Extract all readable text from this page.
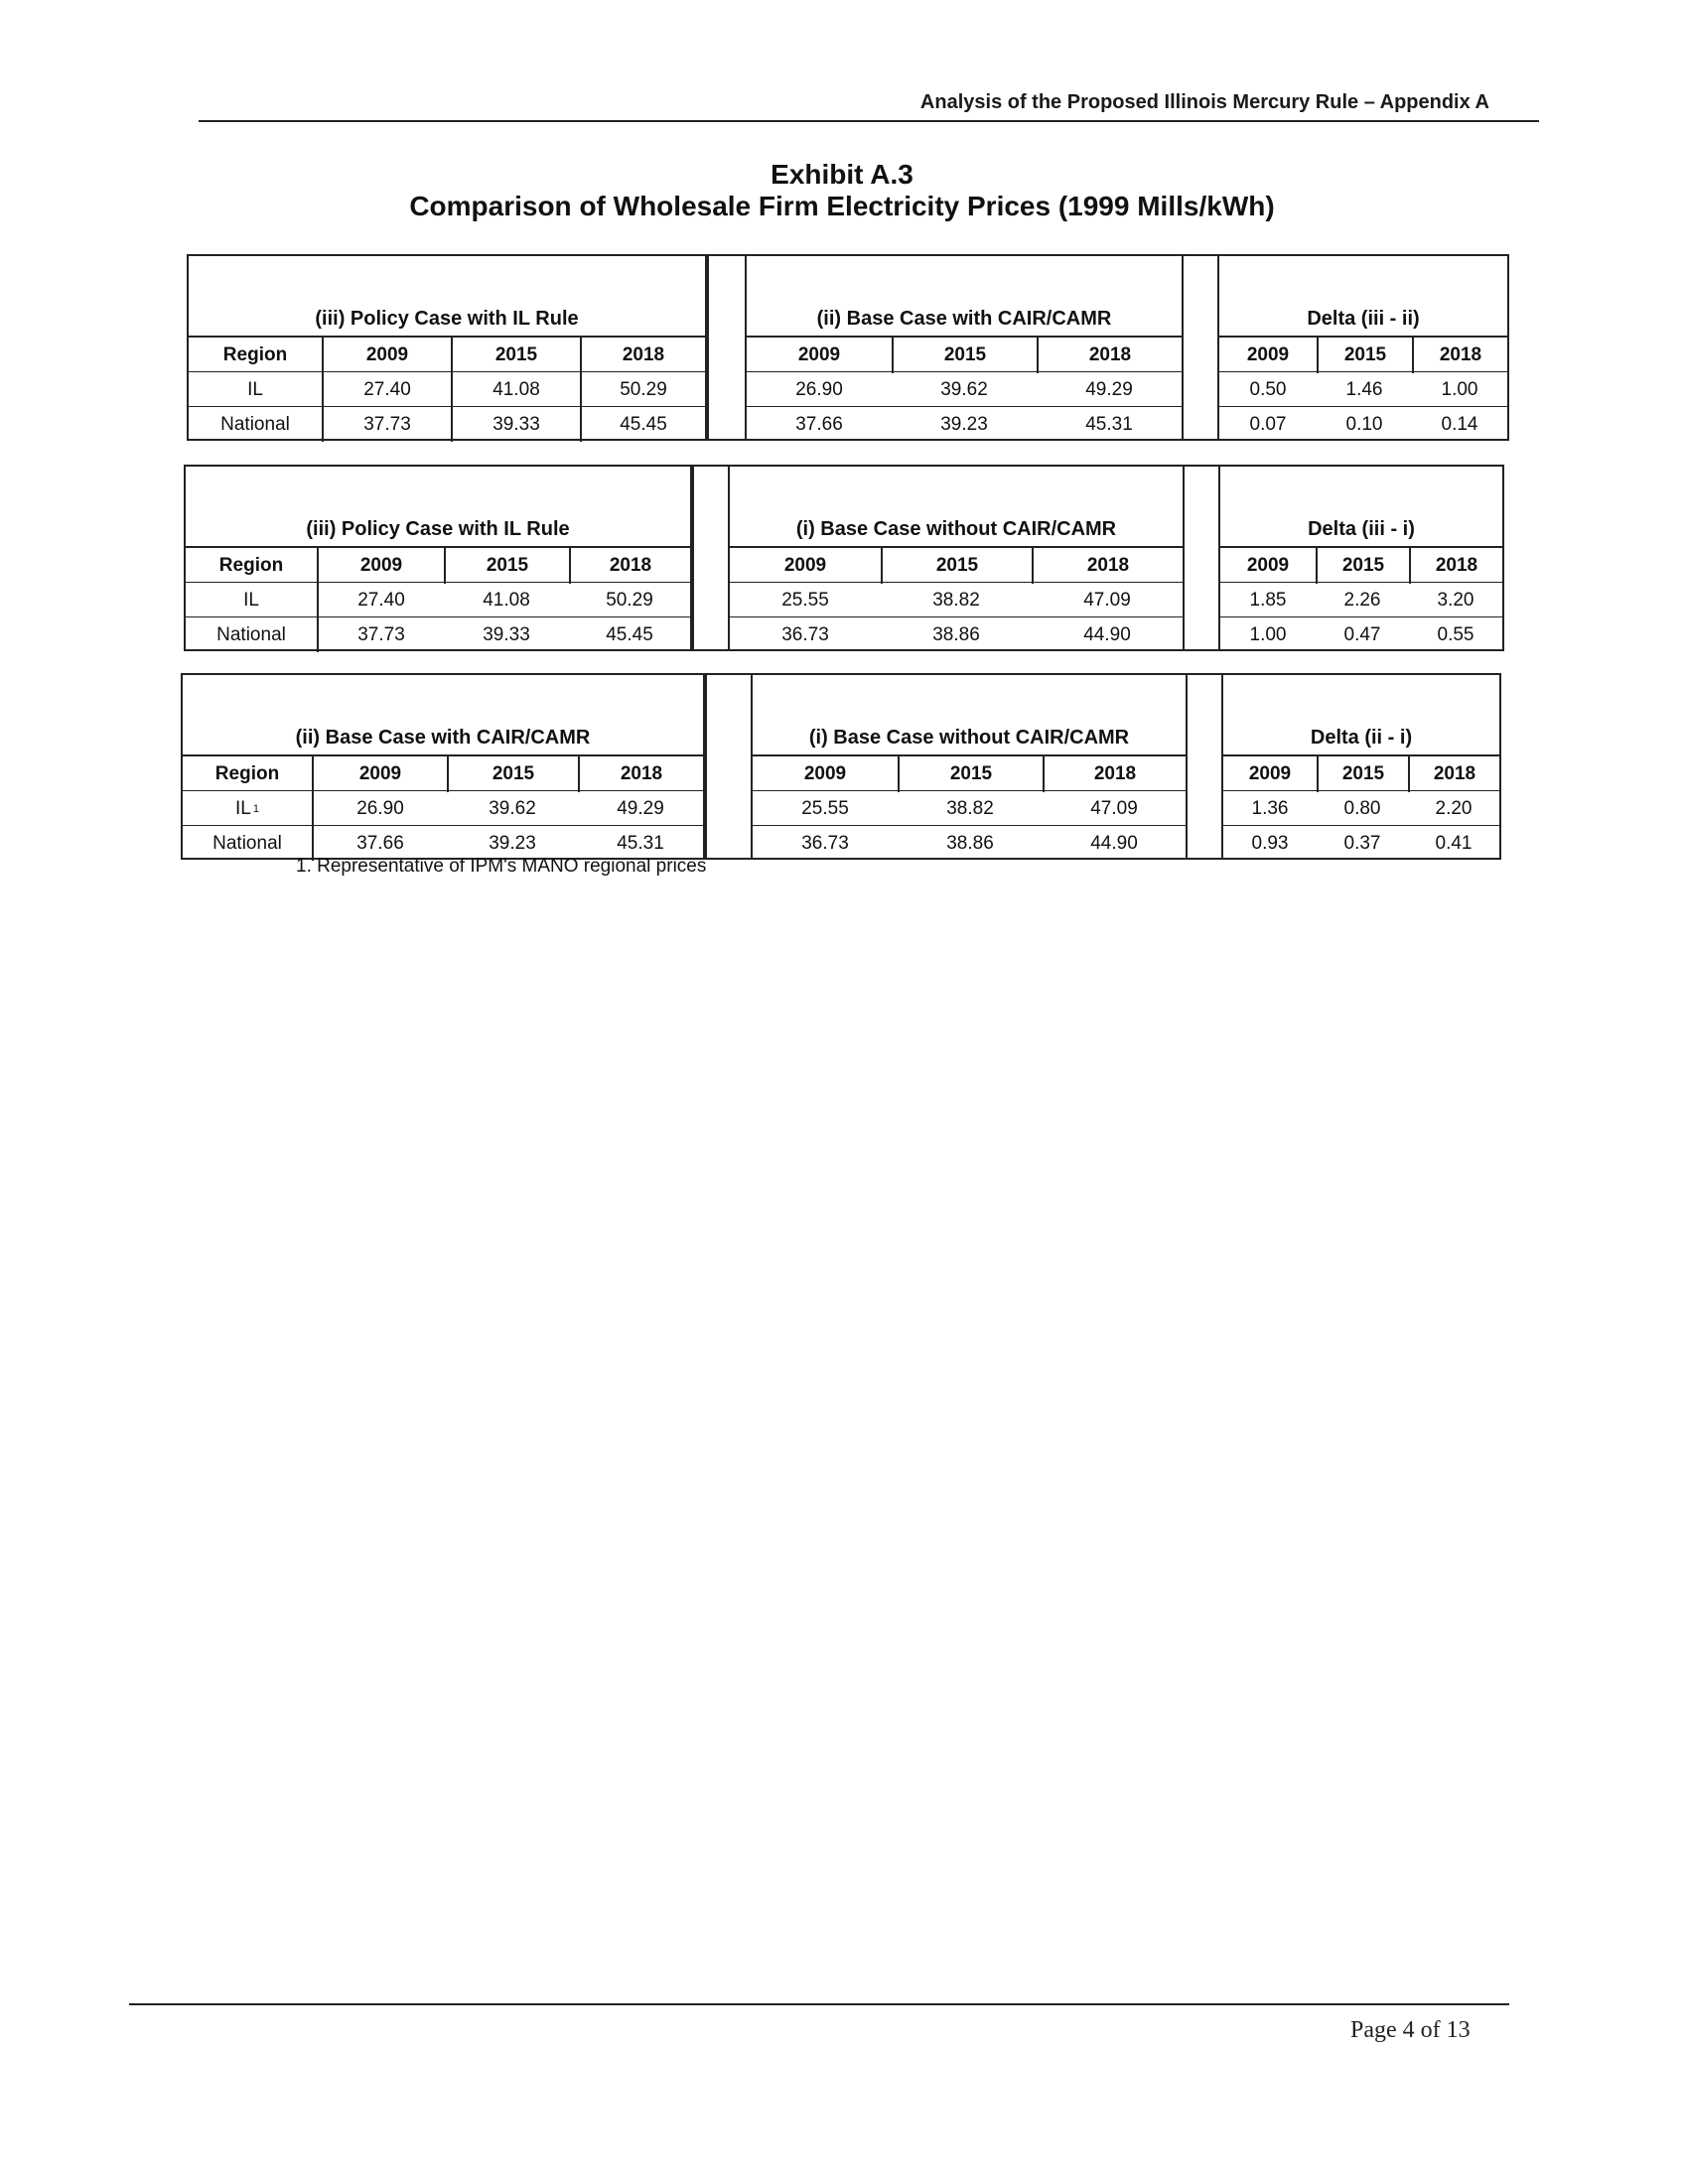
Analysis of the Proposed Illinois Mercury Rule – Appendix A
Exhibit A.3
Comparison of Wholesale Firm Electricity Prices (1999 Mills/kWh)
(iii) Policy Case with IL Rule
Region	2009	2015	2018
IL	27.40	41.08	50.29
National	37.73	39.33	45.45
(ii) Base Case with CAIR/CAMR
2009	2015	2018
26.90	39.62	49.29
37.66	39.23	45.31
Delta (iii - ii)
2009	2015	2018
0.50	1.46	1.00
0.07	0.10	0.14
(iii) Policy Case with IL Rule
Region	2009	2015	2018
IL	27.40	41.08	50.29
National	37.73	39.33	45.45
(i) Base Case without CAIR/CAMR
2009	2015	2018
25.55	38.82	47.09
36.73	38.86	44.90
Delta (iii - i)
2009	2015	2018
1.85	2.26	3.20
1.00	0.47	0.55
(ii) Base Case with CAIR/CAMR
Region	2009	2015	2018
IL 1	26.90	39.62	49.29
National	37.66	39.23	45.31
(i) Base Case without CAIR/CAMR
2009	2015	2018
25.55	38.82	47.09
36.73	38.86	44.90
Delta (ii - i)
2009	2015	2018
1.36	0.80	2.20
0.93	0.37	0.41
1. Representative of IPM's MANO regional prices
Page 4 of 13
